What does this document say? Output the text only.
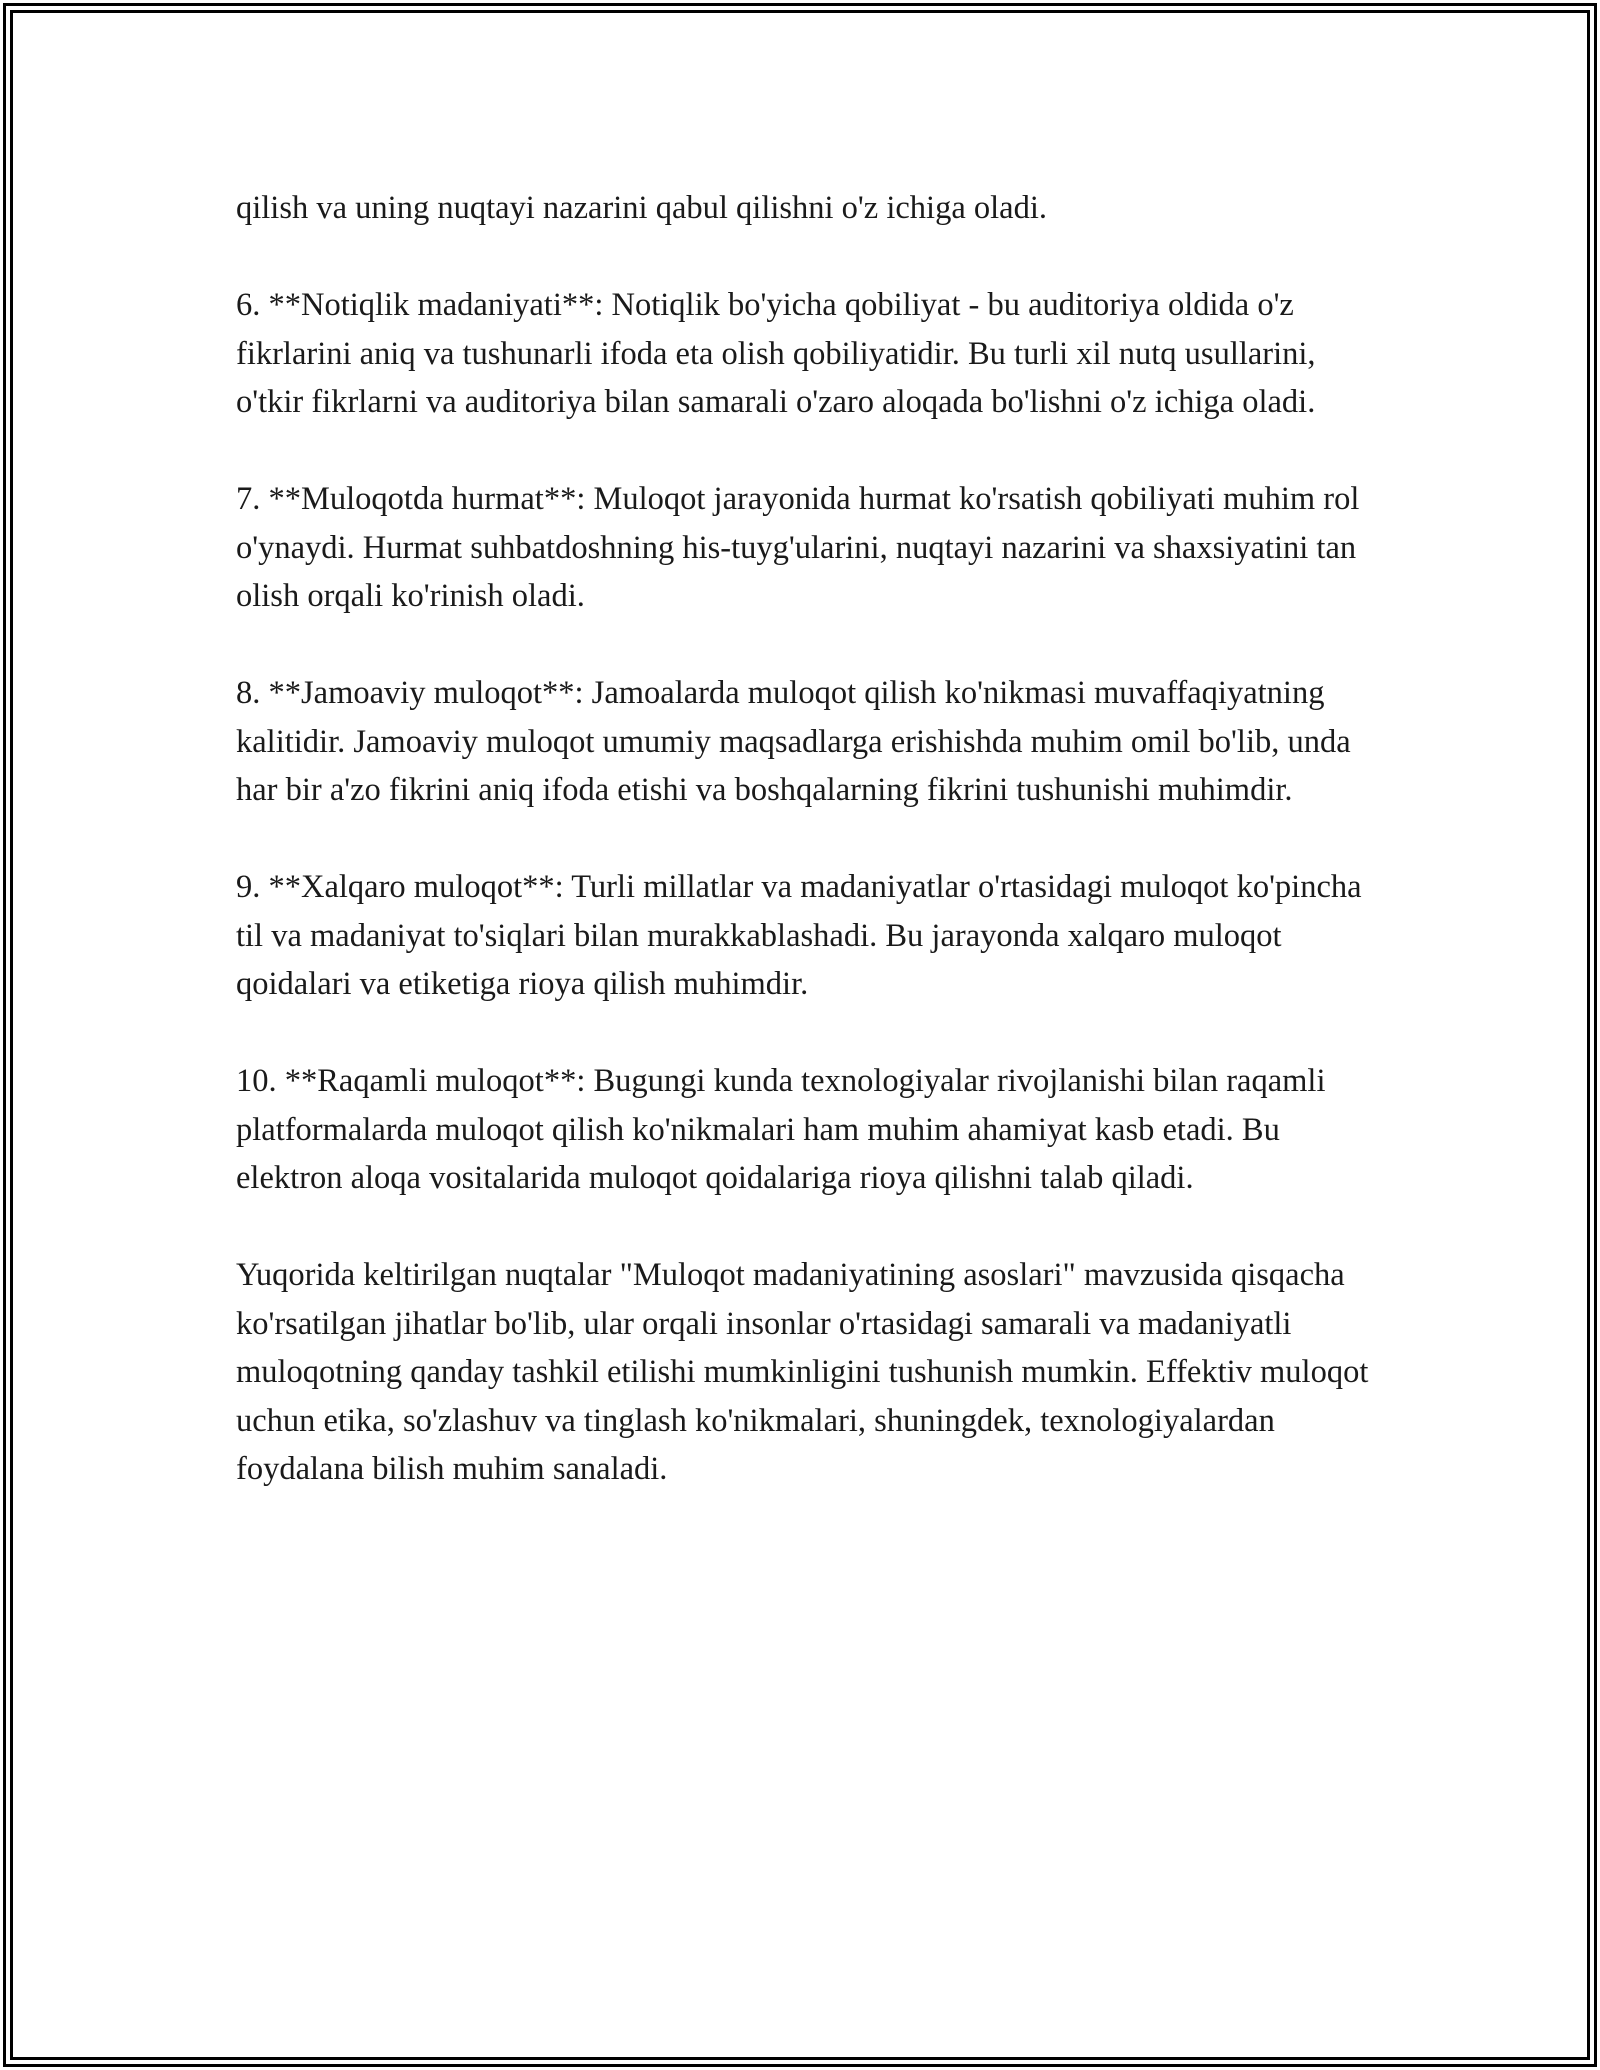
qilish va uning nuqtayi nazarini qabul qilishni o'z ichiga oladi.

6. **Notiqlik madaniyati**: Notiqlik bo'yicha qobiliyat - bu auditoriya oldida o'z fikrlarini aniq va tushunarli ifoda eta olish qobiliyatidir. Bu turli xil nutq usullarini, o'tkir fikrlarni va auditoriya bilan samarali o'zaro aloqada bo'lishni o'z ichiga oladi.

7. **Muloqotda hurmat**: Muloqot jarayonida hurmat ko'rsatish qobiliyati muhim rol o'ynaydi. Hurmat suhbatdoshning his-tuyg'ularini, nuqtayi nazarini va shaxsiyatini tan olish orqali ko'rinish oladi.

8. **Jamoaviy muloqot**: Jamoalarda muloqot qilish ko'nikmasi muvaffaqiyatning kalitidir. Jamoaviy muloqot umumiy maqsadlarga erishishda muhim omil bo'lib, unda har bir a'zo fikrini aniq ifoda etishi va boshqalarning fikrini tushunishi muhimdir.

9. **Xalqaro muloqot**: Turli millatlar va madaniyatlar o'rtasidagi muloqot ko'pincha til va madaniyat to'siqlari bilan murakkablashadi. Bu jarayonda xalqaro muloqot qoidalari va etiketiga rioya qilish muhimdir.

10. **Raqamli muloqot**: Bugungi kunda texnologiyalar rivojlanishi bilan raqamli platformalarda muloqot qilish ko'nikmalari ham muhim ahamiyat kasb etadi. Bu elektron aloqa vositalarida muloqot qoidalariga rioya qilishni talab qiladi.

Yuqorida keltirilgan nuqtalar "Muloqot madaniyatining asoslari" mavzusida qisqacha ko'rsatilgan jihatlar bo'lib, ular orqali insonlar o'rtasidagi samarali va madaniyatli muloqotning qanday tashkil etilishi mumkinligini tushunish mumkin. Effektiv muloqot uchun etika, so'zlashuv va tinglash ko'nikmalari, shuningdek, texnologiyalardan foydalana bilish muhim sanaladi.
